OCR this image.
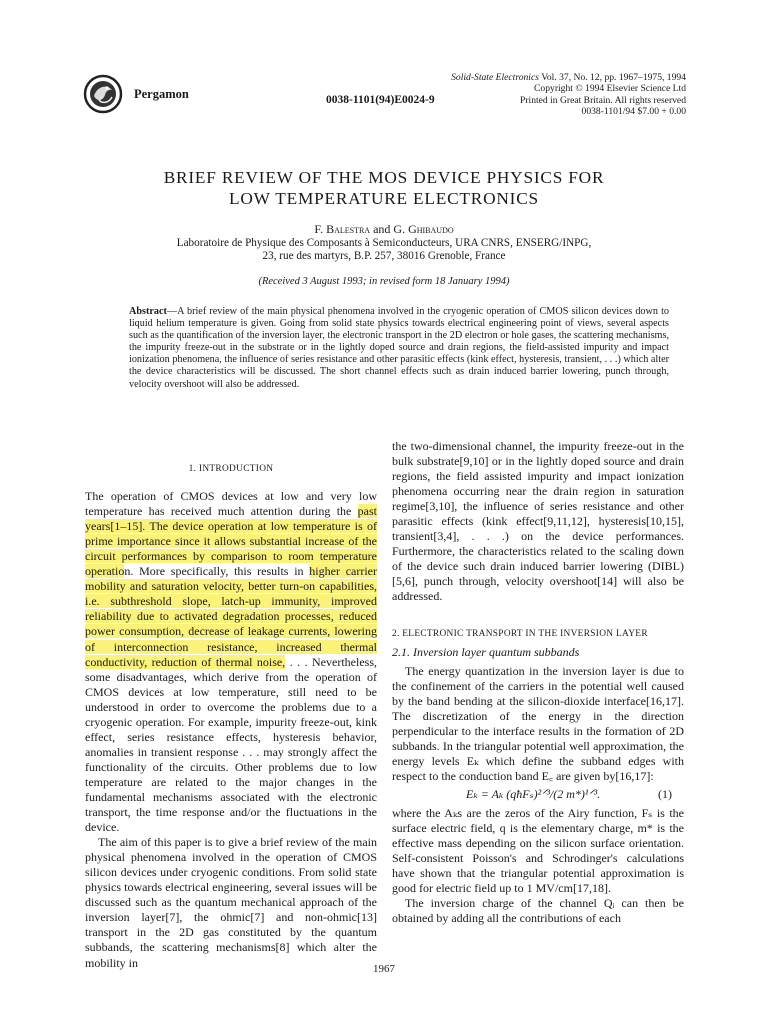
Pergamon	0038-1101(94)E0024-9
Solid-State Electronics Vol. 37, No. 12, pp. 1967–1975, 1994
Copyright © 1994 Elsevier Science Ltd
Printed in Great Britain. All rights reserved
0038-1101/94 $7.00 + 0.00
BRIEF REVIEW OF THE MOS DEVICE PHYSICS FOR
LOW TEMPERATURE ELECTRONICS
F. Balestra and G. Ghibaudo
Laboratoire de Physique des Composants à Semiconducteurs, URA CNRS, ENSERG/INPG,
23, rue des martyrs, B.P. 257, 38016 Grenoble, France
(Received 3 August 1993; in revised form 18 January 1994)
Abstract—A brief review of the main physical phenomena involved in the cryogenic operation of CMOS silicon devices down to liquid helium temperature is given. Going from solid state physics towards electrical engineering point of views, several aspects such as the quantification of the inversion layer, the electronic transport in the 2D electron or hole gases, the scattering mechanisms, the impurity freeze-out in the substrate or in the lightly doped source and drain regions, the field-assisted impurity and impact ionization phenomena, the influence of series resistance and other parasitic effects (kink effect, hysteresis, transient, . . .) which alter the device characteristics will be discussed. The short channel effects such as drain induced barrier lowering, punch through, velocity overshoot will also be addressed.
1. INTRODUCTION

The operation of CMOS devices at low and very low temperature has received much attention during the past years[1–15]. The device operation at low temperature is of prime importance since it allows substantial increase of the circuit performances by comparison to room temperature operation. More specifically, this results in higher carrier mobility and saturation velocity, better turn-on capabilities, i.e. subthreshold slope, latch-up immunity, improved reliability due to activated degradation processes, reduced power consumption, decrease of leakage currents, lowering of interconnection resistance, increased thermal conductivity, reduction of thermal noise, . . . Nevertheless, some disadvantages, which derive from the operation of CMOS devices at low temperature, still need to be understood in order to overcome the problems due to a cryogenic operation. For example, impurity freeze-out, kink effect, series resistance effects, hysteresis behavior, anomalies in transient response . . . may strongly affect the functionality of the circuits. Other problems due to low temperature are related to the major changes in the fundamental mechanisms associated with the electronic transport, the time response and/or the fluctuations in the device.

The aim of this paper is to give a brief review of the main physical phenomena involved in the operation of CMOS silicon devices under cryogenic conditions. From solid state physics towards electrical engineering, several issues will be discussed such as the quantum mechanical approach of the inversion layer[7], the ohmic[7] and non-ohmic[13] transport in the 2D gas constituted by the quantum subbands, the scattering mechanisms[8] which alter the mobility in

the two-dimensional channel, the impurity freeze-out in the bulk substrate[9,10] or in the lightly doped source and drain regions, the field assisted impurity and impact ionization phenomena occurring near the drain region in saturation regime[3,10], the influence of series resistance and other parasitic effects (kink effect[9,11,12], hysteresis[10,15], transient[3,4], . . .) on the device performances. Furthermore, the characteristics related to the scaling down of the device such drain induced barrier lowering (DIBL)[5,6], punch through, velocity overshoot[14] will also be addressed.

2. ELECTRONIC TRANSPORT IN THE INVERSION LAYER
2.1. Inversion layer quantum subbands

The energy quantization in the inversion layer is due to the confinement of the carriers in the potential well caused by the band bending at the silicon-dioxide interface[16,17]. The discretization of the energy in the direction perpendicular to the interface results in the formation of 2D subbands. In the triangular potential well approximation, the energy levels Eₖ which define the subband edges with respect to the conduction band E꜀ are given by[16,17]:

Eₖ = Aₖ (qħFₛ)²ᐟ³/(2 m*)¹ᐟ³.	(1)

where the Aₖs are the zeros of the Airy function, Fₛ is the surface electric field, q is the elementary charge, m* is the effective mass depending on the silicon surface orientation. Self-consistent Poisson's and Schrodinger's calculations have shown that the triangular potential approximation is good for electric field up to 1 MV/cm[17,18].

The inversion charge of the channel Qᵢ can then be obtained by adding all the contributions of each

1967
